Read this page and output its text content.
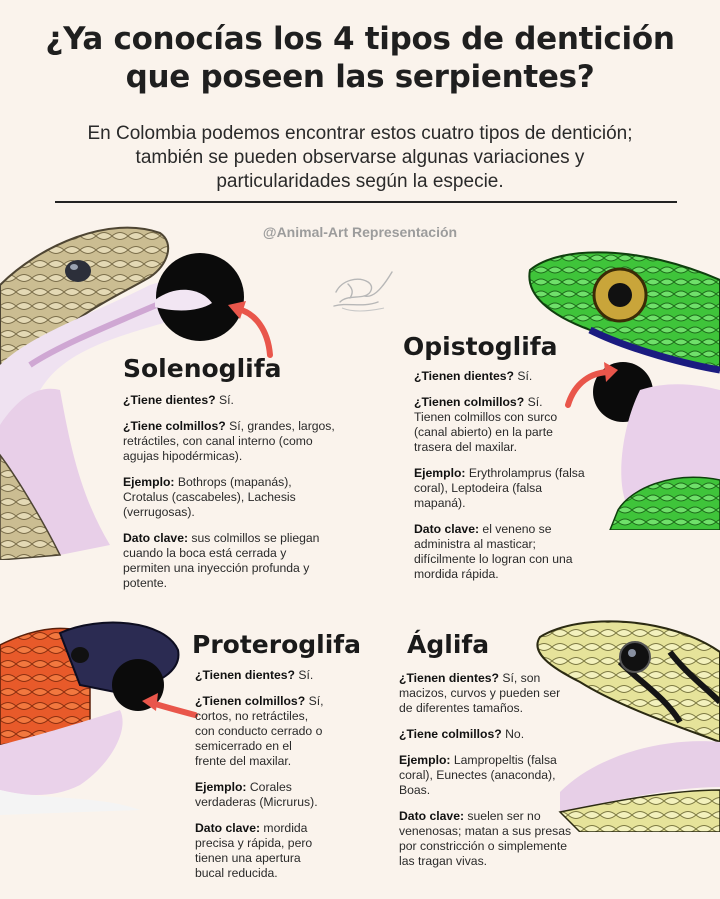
¿Ya conocías los 4 tipos de dentición
que poseen las serpientes?
En Colombia podemos encontrar estos cuatro tipos de dentición;
también se pueden observarse algunas variaciones y
particularidades según la especie.
@Animal-Art Representación
Solenoglifa

¿Tiene dientes? Sí.

¿Tiene colmillos? Sí, grandes, largos,
retráctiles, con canal interno (como
agujas hipodérmicas).

Ejemplo: Bothrops (mapanás),
Crotalus (cascabeles), Lachesis
(verrugosas).

Dato clave: sus colmillos se pliegan
cuando la boca está cerrada y
permiten una inyección profunda y
potente.

Opistoglifa

¿Tienen dientes? Sí.

¿Tienen colmillos? Sí.
Tienen colmillos con surco
(canal abierto) en la parte
trasera del maxilar.

Ejemplo: Erythrolamprus (falsa
coral), Leptodeira (falsa
mapaná).

Dato clave: el veneno se
administra al masticar;
difícilmente lo logran con una
mordida rápida.

Proteroglifa

¿Tienen dientes? Sí.

¿Tienen colmillos? Sí,
cortos, no retráctiles,
con conducto cerrado o
semicerrado en el
frente del maxilar.

Ejemplo: Corales
verdaderas (Micrurus).

Dato clave: mordida
precisa y rápida, pero
tienen una apertura
bucal reducida.

Áglifa

¿Tienen dientes? Sí, son
macizos, curvos y pueden ser
de diferentes tamaños.

¿Tiene colmillos? No.

Ejemplo: Lampropeltis (falsa
coral), Eunectes (anaconda),
Boas.

Dato clave: suelen ser no
venenosas; matan a sus presas
por constricción o simplemente
las tragan vivas.
